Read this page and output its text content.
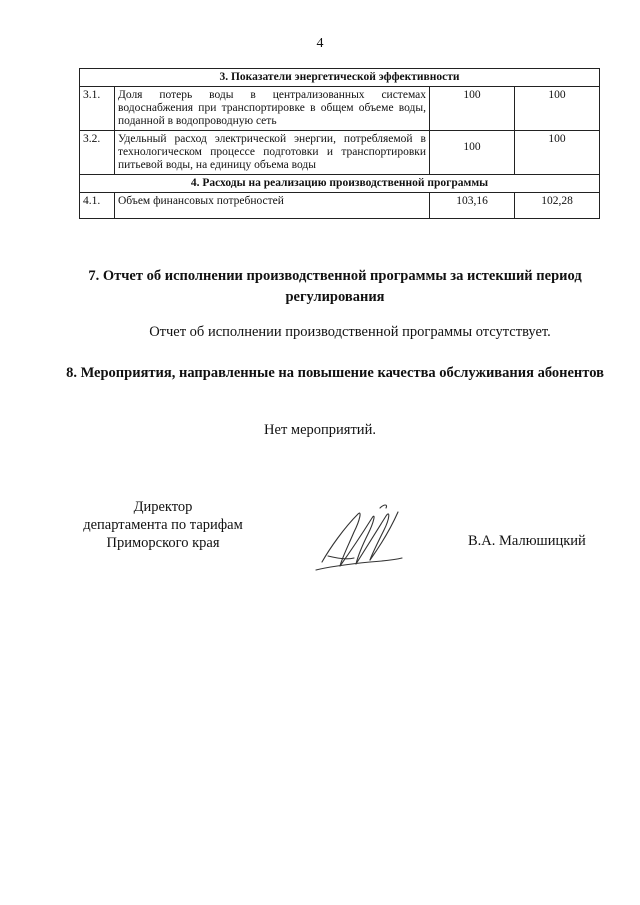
4
3. Показатели энергетической эффективности			
3.1.	Доля потерь воды в централизованных системах водоснабжения при транспортировке в общем объеме воды, поданной в водопроводную сеть	100	100
3.2.	Удельный расход электрической энергии, потребляемой в технологическом процессе подготовки и транспортировки питьевой воды, на единицу объема воды	100	100
4. Расходы на реализацию производственной программы			
4.1.	Объем финансовых потребностей	103,16	102,28
7. Отчет об исполнении производственной программы за истекший период регулирования
Отчет об исполнении производственной программы отсутствует.
8. Мероприятия, направленные на повышение качества обслуживания абонентов
Нет мероприятий.
Директор
департамента по тарифам
Приморского края	В.А. Малюшицкий
